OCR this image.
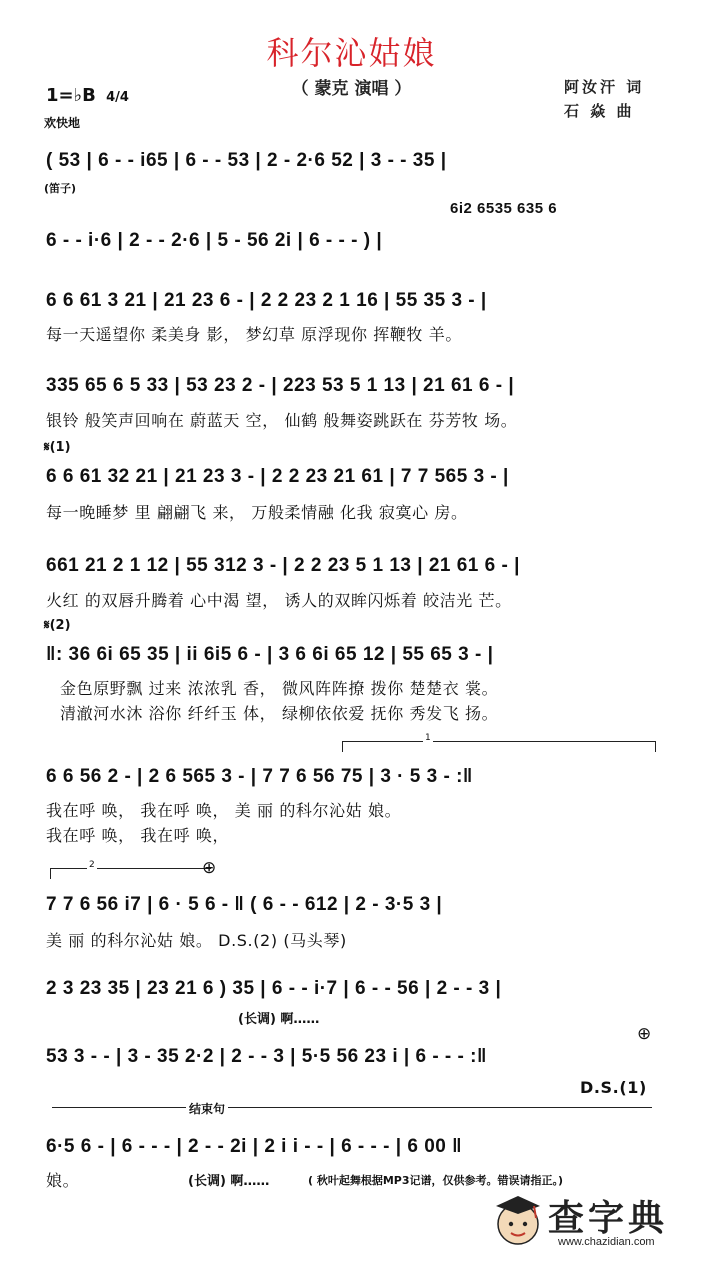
科尔沁姑娘
（ 蒙克 演唱 ）	阿汝汗 词
石 焱 曲
1=♭B 4/4
欢快地
( 53 | 6 - - i65 | 6 - - 53 | 2 - 2·6 52 | 3 - - 35 |
(笛子)
6i2 6535 635 6
6 - - i·6 | 2 - - 2·6 | 5 - 56 2i | 6 - - - ) |
6 6 61 3 21 | 21 23 6 - | 2 2 23 2 1 16 | 55 35 3 - |
每一天遥望你 柔美身 影， 梦幻草 原浮现你 挥鞭牧 羊。
335 65 6 5 33 | 53 23 2 - | 223 53 5 1 13 | 21 61 6 - |
银铃 般笑声回响在 蔚蓝天 空， 仙鹤 般舞姿跳跃在 芬芳牧 场。
𝄋(1)
6 6 61 32 21 | 21 23 3 - | 2 2 23 21 61 | 7 7 565 3 - |
每一晚睡梦 里 翩翩飞 来， 万般柔情融 化我 寂寞心 房。
661 21 2 1 12 | 55 312 3 - | 2 2 23 5 1 13 | 21 61 6 - |
火红 的双唇升腾着 心中渴 望， 诱人的双眸闪烁着 皎洁光 芒。
𝄋(2)
‖: 36 6i 65 35 | ii 6i5 6 - | 3 6 6i 65 12 | 55 65 3 - |
金色原野飘 过来 浓浓乳 香， 微风阵阵撩 拨你 楚楚衣 裳。
清澈河水沐 浴你 纤纤玉 体， 绿柳依依爱 抚你 秀发飞 扬。
1
6 6 56 2 - | 2 6 565 3 - | 7 7 6 56 75 | 3 · 5 3 - :‖
我在呼 唤， 我在呼 唤， 美 丽 的科尔沁姑 娘。
我在呼 唤， 我在呼 唤，
2	⊕
7 7 6 56 i7 | 6 · 5 6 - ‖ ( 6 - - 612 | 2 - 3·5 3 |
美 丽 的科尔沁姑 娘。 D.S.(2) (马头琴)
2 3 23 35 | 23 21 6 ) 35 | 6 - - i·7 | 6 - - 56 | 2 - - 3 |
(长调) 啊……
⊕
53 3 - - | 3 - 35 2·2 | 2 - - 3 | 5·5 56 23 i | 6 - - - :‖
D.S.(1)
结束句
6·5 6 - | 6 - - - | 2 - - 2i | 2 i i - - | 6 - - - | 6 00 ‖
娘。	(长调) 啊……	( 秋叶起舞根据MP3记谱，仅供参考。错误请指正。)
查字典
www.chazidian.com
